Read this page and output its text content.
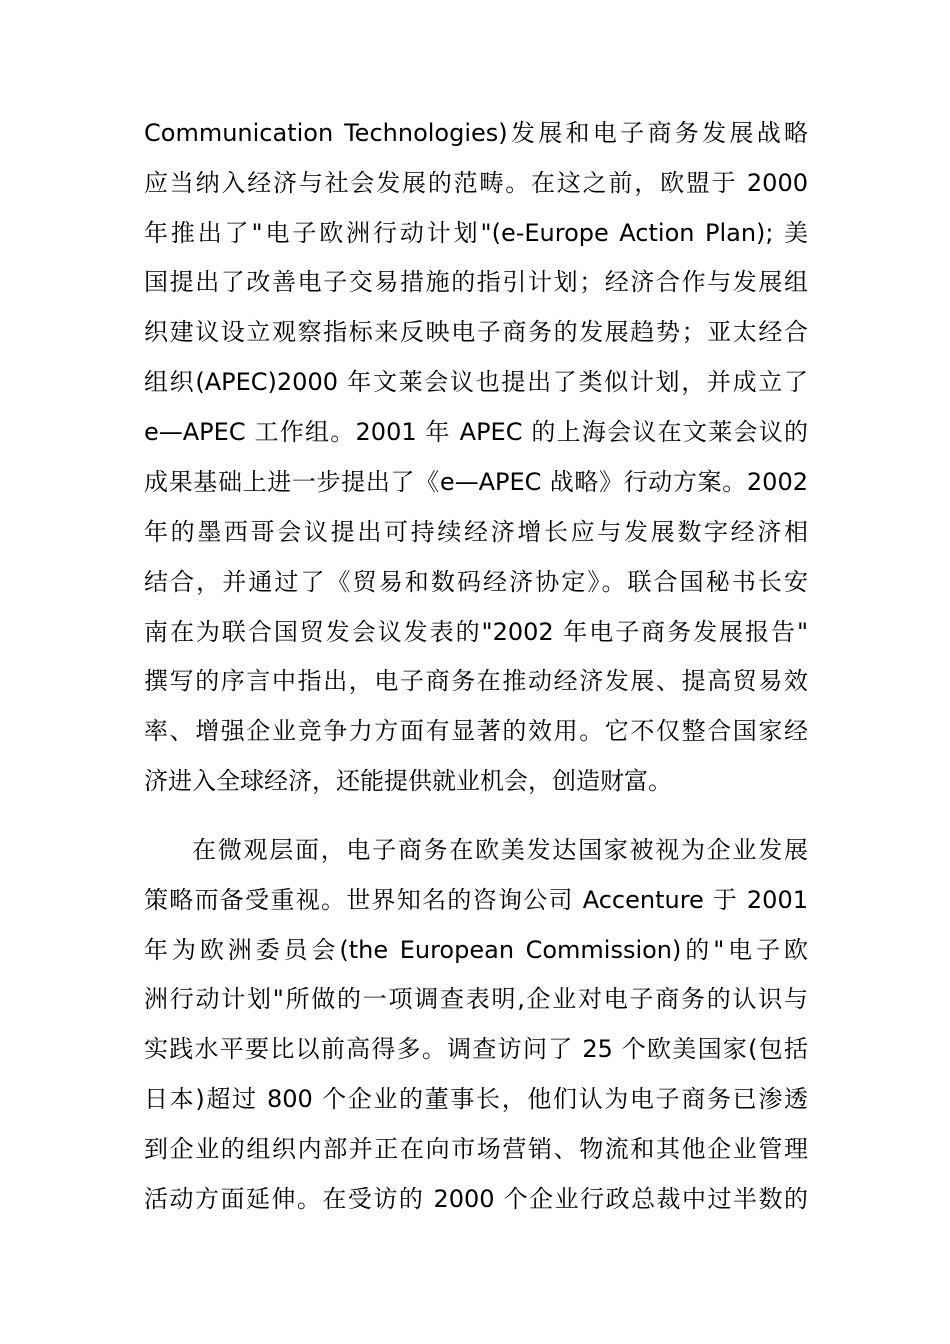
Communication Technologies)发展和电子商务发展战略
应当纳入经济与社会发展的范畴。在这之前，欧盟于 2000
年推出了"电子欧洲行动计划"(e-Europe Action Plan); 美
国提出了改善电子交易措施的指引计划；经济合作与发展组
织建议设立观察指标来反映电子商务的发展趋势；亚太经合
组织(APEC)2000 年文莱会议也提出了类似计划，并成立了
e—APEC 工作组。2001 年 APEC 的上海会议在文莱会议的
成果基础上进一步提出了《e—APEC 战略》行动方案。2002
年的墨西哥会议提出可持续经济增长应与发展数字经济相
结合，并通过了《贸易和数码经济协定》。联合国秘书长安
南在为联合国贸发会议发表的"2002 年电子商务发展报告"
撰写的序言中指出，电子商务在推动经济发展、提高贸易效
率、增强企业竞争力方面有显著的效用。它不仅整合国家经
济进入全球经济，还能提供就业机会，创造财富。
在微观层面，电子商务在欧美发达国家被视为企业发展
策略而备受重视。世界知名的咨询公司 Accenture 于 2001
年为欧洲委员会(the European Commission)的"电子欧
洲行动计划"所做的一项调查表明,企业对电子商务的认识与
实践水平要比以前高得多。调查访问了 25 个欧美国家(包括
日本)超过 800 个企业的董事长，他们认为电子商务已渗透
到企业的组织内部并正在向市场营销、物流和其他企业管理
活动方面延伸。在受访的 2000 个企业行政总裁中过半数的
